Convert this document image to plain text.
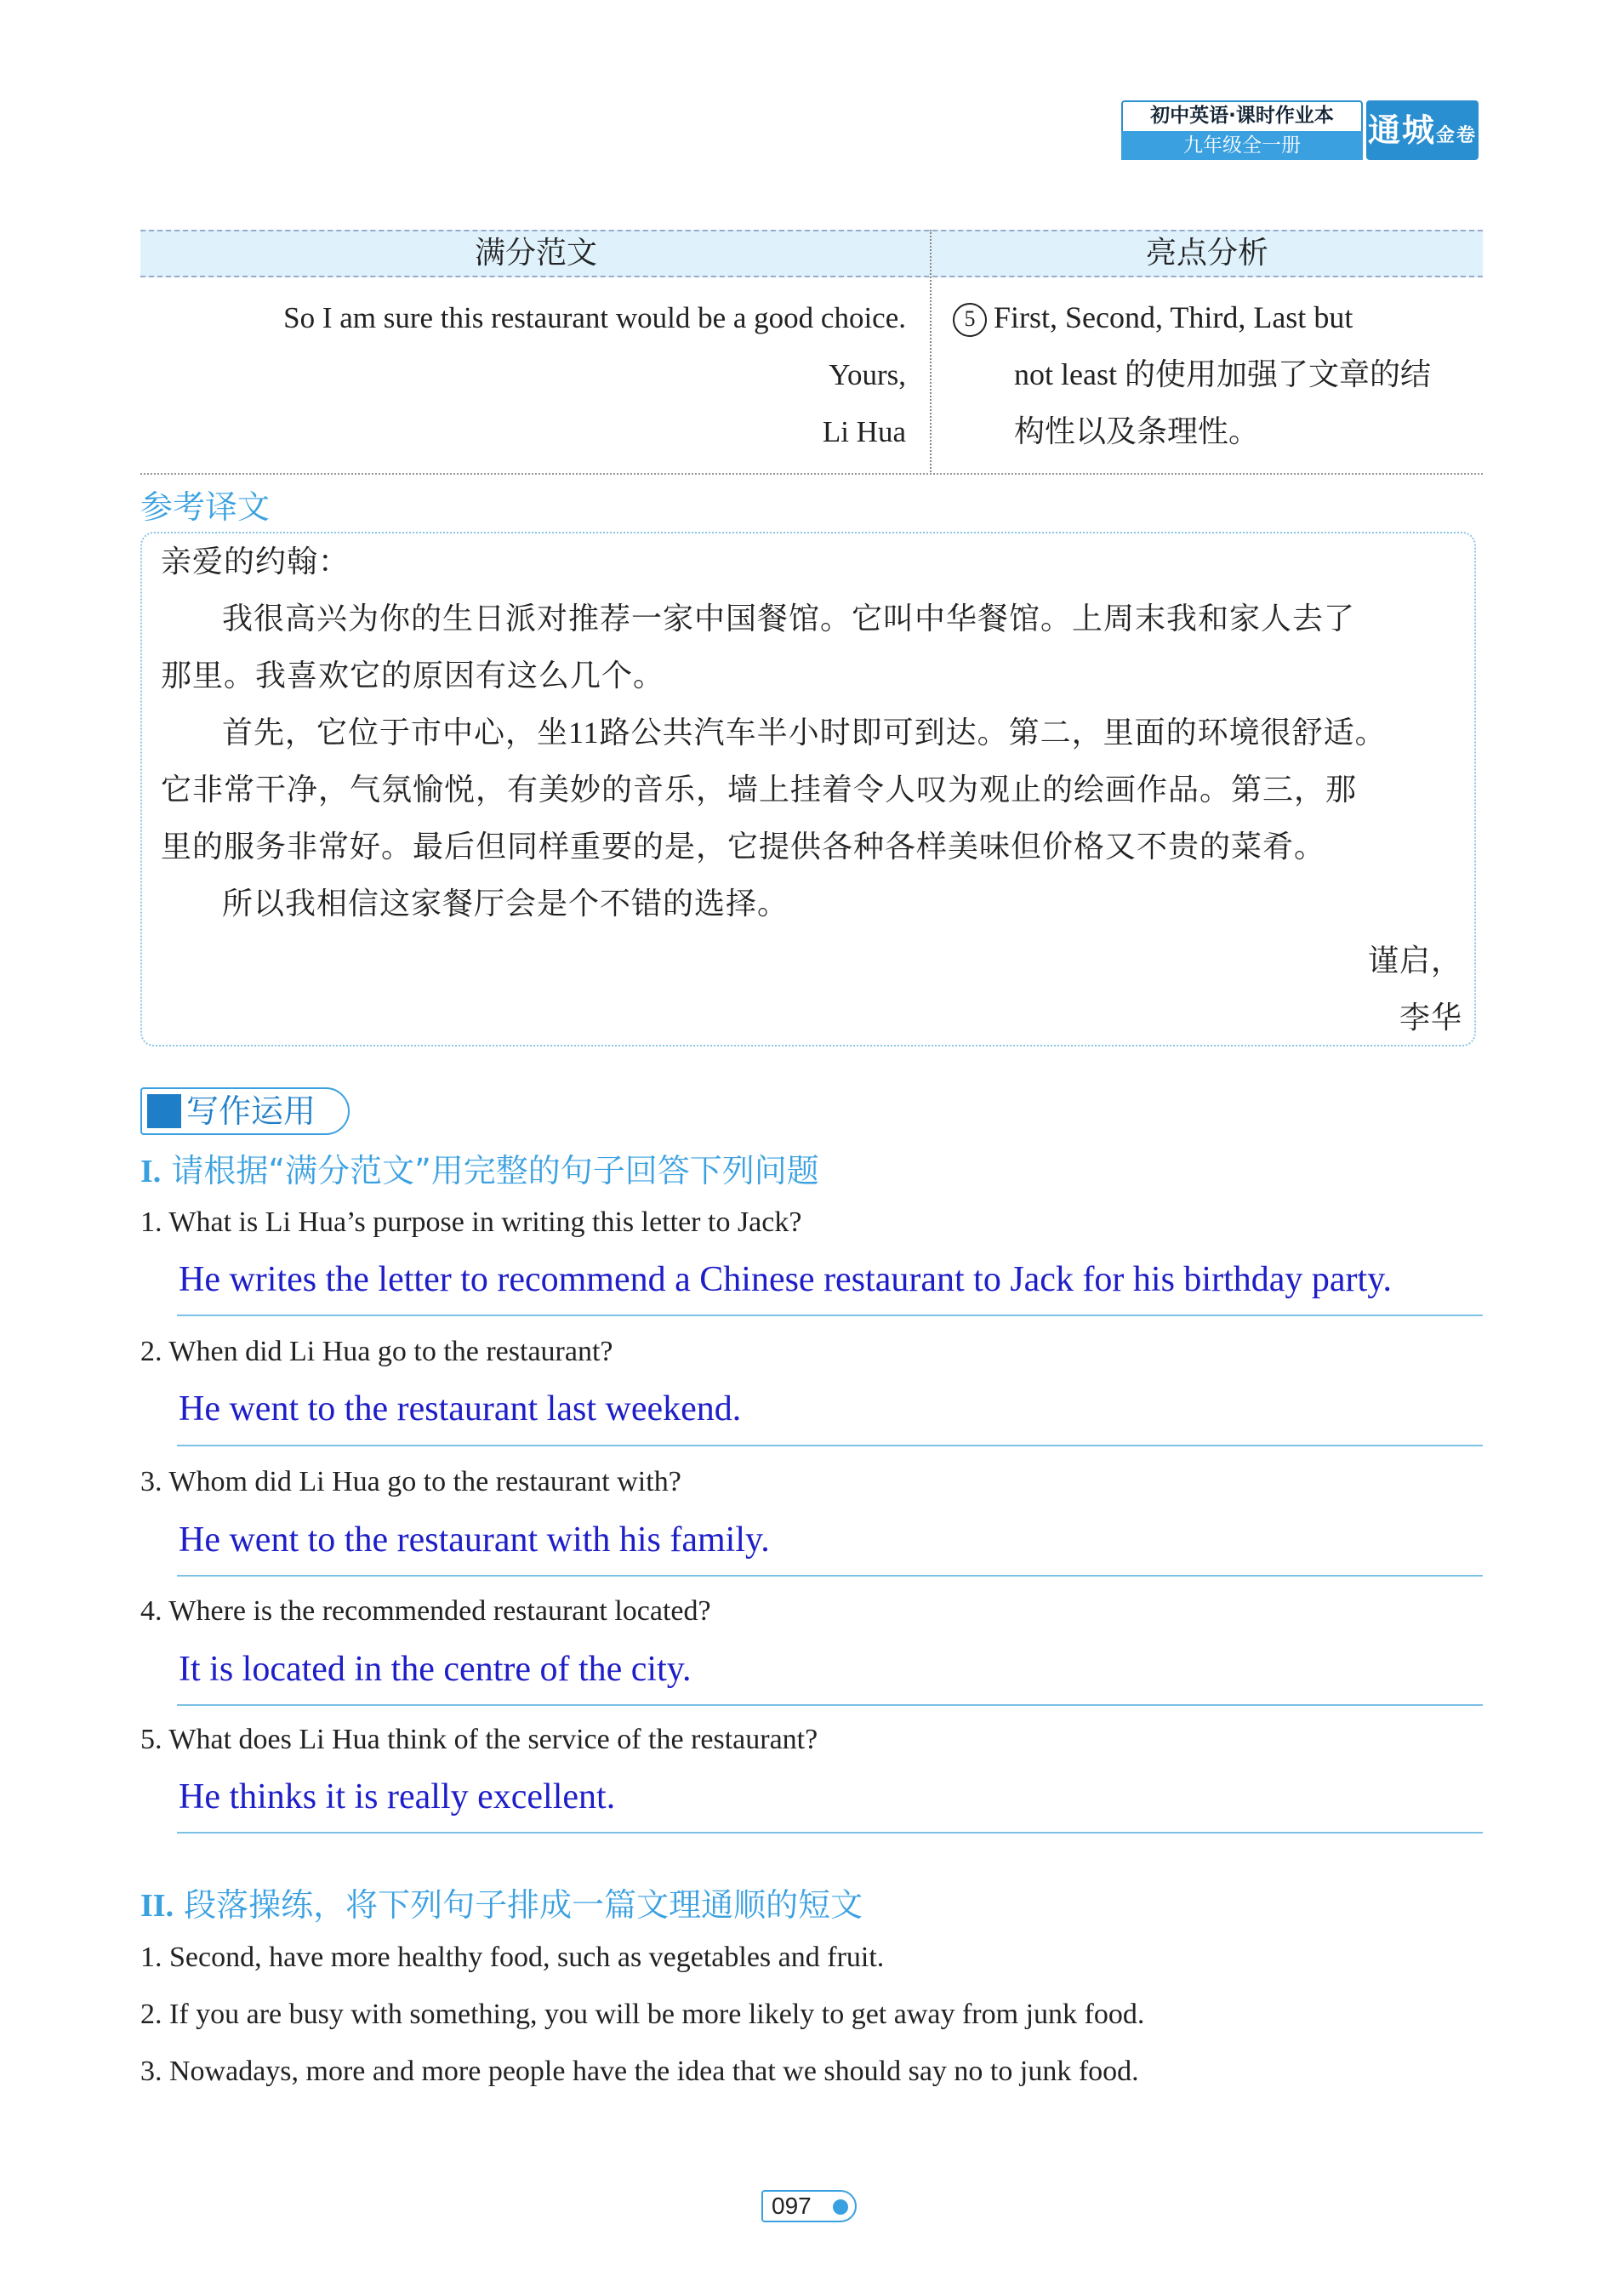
初中英语·课时作业本
九年级全一册	通城金卷
满分范文	亮点分析
So I am sure this restaurant would be a good choice.
Yours,
Li Hua
5 First, Second, Third, Last but
not least 的使用加强了文章的结
构性以及条理性。
参考译文

亲爱的约翰：

我很高兴为你的生日派对推荐一家中国餐馆。它叫中华餐馆。上周末我和家人去了

那里。我喜欢它的原因有这么几个。

首先，它位于市中心，坐11路公共汽车半小时即可到达。第二，里面的环境很舒适。

它非常干净，气氛愉悦，有美妙的音乐，墙上挂着令人叹为观止的绘画作品。第三，那

里的服务非常好。最后但同样重要的是，它提供各种各样美味但价格又不贵的菜肴。

所以我相信这家餐厅会是个不错的选择。

谨启，

李华

写作运用
I. 请根据“满分范文”用完整的句子回答下列问题
1. What is Li Hua’s purpose in writing this letter to Jack?
He writes the letter to recommend a Chinese restaurant to Jack for his birthday party.
2. When did Li Hua go to the restaurant?
He went to the restaurant last weekend.
3. Whom did Li Hua go to the restaurant with?
He went to the restaurant with his family.
4. Where is the recommended restaurant located?
It is located in the centre of the city.
5. What does Li Hua think of the service of the restaurant?
He thinks it is really excellent.
II. 段落操练，将下列句子排成一篇文理通顺的短文
1. Second, have more healthy food, such as vegetables and fruit.
2. If you are busy with something, you will be more likely to get away from junk food.
3. Nowadays, more and more people have the idea that we should say no to junk food.
097
